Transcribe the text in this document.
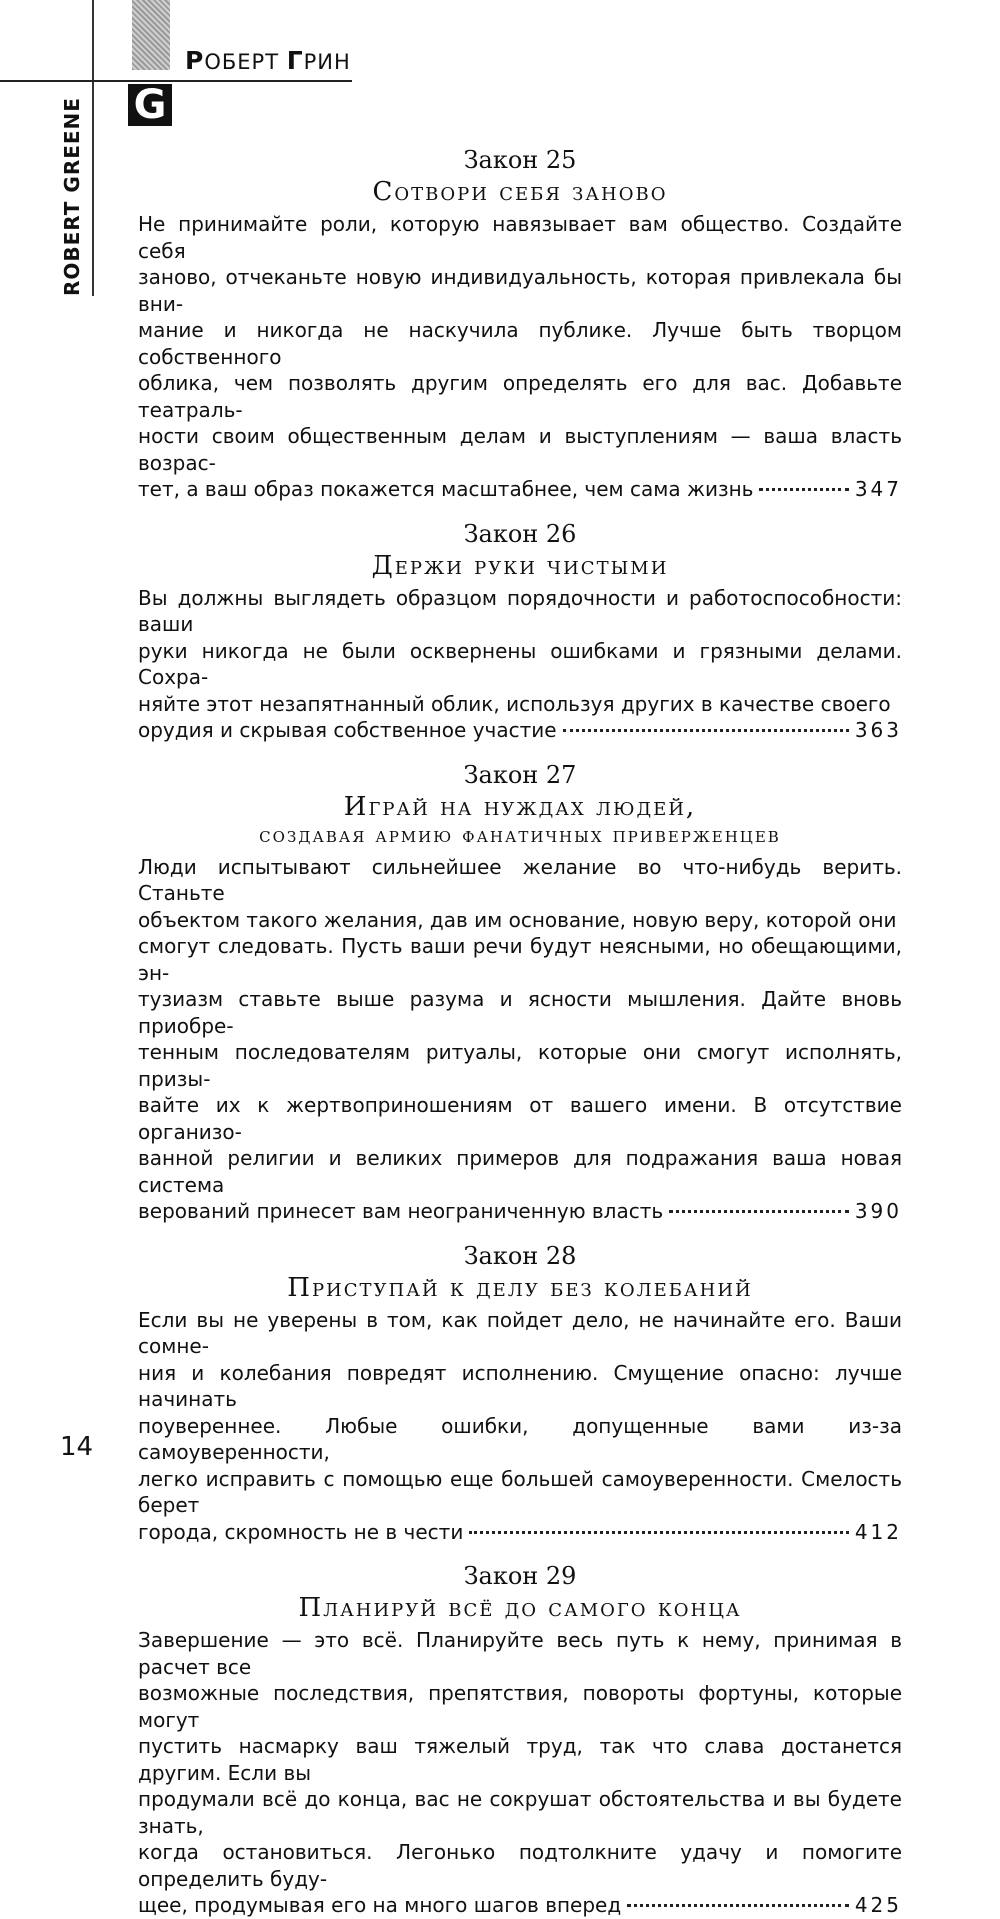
G
РОБЕРТ ГРИН
ROBERT GREENE	Закон 25

Сотвори себя заново

Не принимайте роли, которую навязывает вам общество. Создайте себя
заново, отчеканьте новую индивидуальность, которая привлекала бы вни-
мание и никогда не наскучила публике. Лучше быть творцом собственного
облика, чем позволять другим определять его для вас. Добавьте театраль-
ности своим общественным делам и выступлениям — ваша власть возрас-

тет, а ваш образ покажется масштабнее, чем сама жизнь	347

Закон 26

Держи руки чистыми

Вы должны выглядеть образцом порядочности и работоспособности: ваши
руки никогда не были осквернены ошибками и грязными делами. Сохра-
няйте этот незапятнанный облик, используя других в качестве своего

орудия и скрывая собственное участие	363

Закон 27

Играй на нуждах людей,
создавая армию фанатичных приверженцев

Люди испытывают сильнейшее желание во что-нибудь верить. Станьте
объектом такого желания, дав им основание, новую веру, которой они
смогут следовать. Пусть ваши речи будут неясными, но обещающими, эн-
тузиазм ставьте выше разума и ясности мышления. Дайте вновь приобре-
тенным последователям ритуалы, которые они смогут исполнять, призы-
вайте их к жертвоприношениям от вашего имени. В отсутствие организо-
ванной религии и великих примеров для подражания ваша новая система

верований принесет вам неограниченную власть	390

Закон 28

Приступай к делу без колебаний

Если вы не уверены в том, как пойдет дело, не начинайте его. Ваши сомне-
ния и колебания повредят исполнению. Смущение опасно: лучше начинать
поувереннее. Любые ошибки, допущенные вами из-за самоуверенности,
легко исправить с помощью еще большей самоуверенности. Смелость берет

города, скромность не в чести	412

Закон 29

Планируй всё до самого конца

Завершение — это всё. Планируйте весь путь к нему, принимая в расчет все
возможные последствия, препятствия, повороты фортуны, которые могут
пустить насмарку ваш тяжелый труд, так что слава достанется другим. Если вы
продумали всё до конца, вас не сокрушат обстоятельства и вы будете знать,
когда остановиться. Легонько подтолкните удачу и помогите определить буду-

щее, продумывая его на много шагов вперед	425
14
